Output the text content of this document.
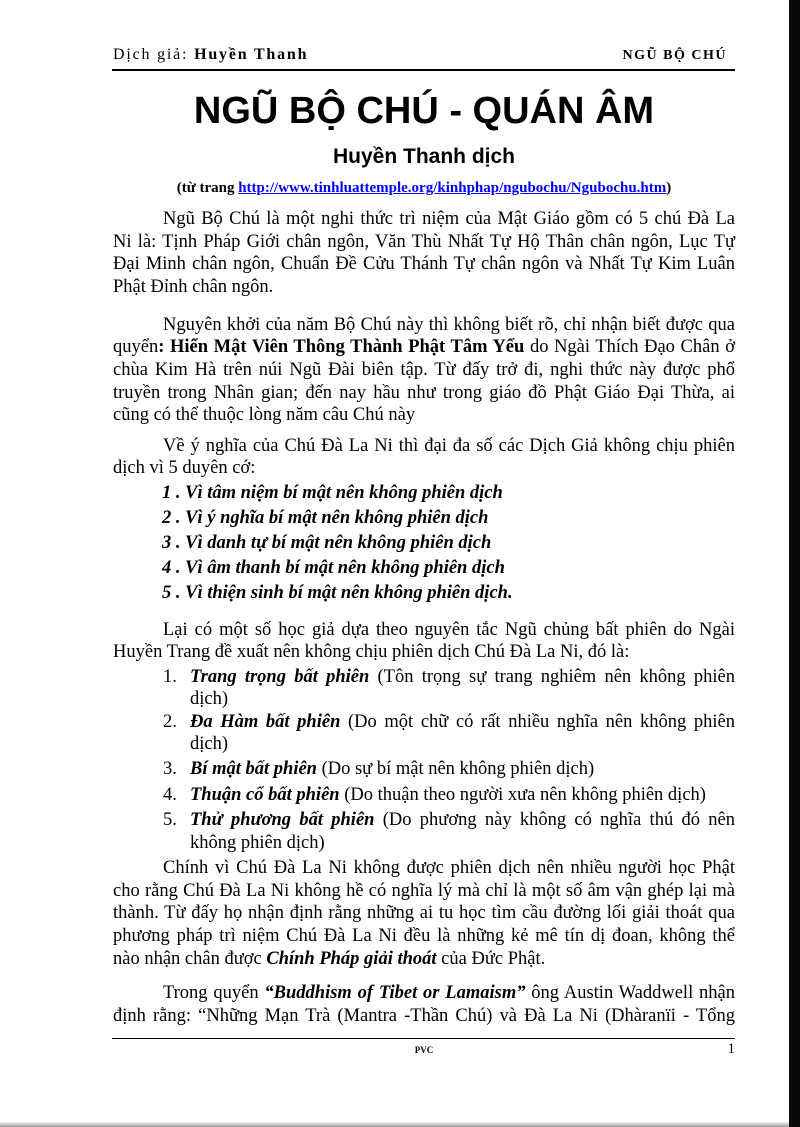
Dịch giả: Huyền Thanh	NGŨ BỘ CHÚ
NGŨ BỘ CHÚ - QUÁN ÂM
Huyền Thanh dịch
(từ trang http://www.tinhluattemple.org/kinhphap/ngubochu/Ngubochu.htm)
Ngũ Bộ Chú là một nghi thức trì niệm của Mật Giáo gồm có 5 chú Đà La
Ni là: Tịnh Pháp Giới chân ngôn, Văn Thù Nhất Tự Hộ Thân chân ngôn, Lục Tự
Đại Minh chân ngôn, Chuẩn Đề Cửu Thánh Tự chân ngôn và Nhất Tự Kim Luân
Phật Đỉnh chân ngôn.
Nguyên khởi của năm Bộ Chú này thì không biết rõ, chỉ nhận biết được qua
quyển: Hiển Mật Viên Thông Thành Phật Tâm Yếu do Ngài Thích Đạo Chân ở
chùa Kim Hà trên núi Ngũ Đài biên tập. Từ đấy trở đi, nghi thức này được phổ
truyền trong Nhân gian; đến nay hầu như trong giáo đồ Phật Giáo Đại Thừa, ai
cũng có thể thuộc lòng năm câu Chú này
Về ý nghĩa của Chú Đà La Ni thì đại đa số các Dịch Giả không chịu phiên
dịch vì 5 duyên cớ:
1 . Vì tâm niệm bí mật nên không phiên dịch
2 . Vì ý nghĩa bí mật nên không phiên dịch
3 . Vì danh tự bí mật nên không phiên dịch
4 . Vì âm thanh bí mật nên không phiên dịch
5 . Vì thiện sinh bí mật nên không phiên dịch.
Lại có một số học giả dựa theo nguyên tắc Ngũ chủng bất phiên do Ngài
Huyền Trang đề xuất nên không chịu phiên dịch Chú Đà La Ni, đó là:
1. Trang trọng bất phiên (Tôn trọng sự trang nghiêm nên không phiên
dịch)
2. Đa Hàm bất phiên (Do một chữ có rất nhiều nghĩa nên không phiên
dịch)
3. Bí mật bất phiên (Do sự bí mật nên không phiên dịch)
4. Thuận cổ bất phiên (Do thuận theo người xưa nên không phiên dịch)
5. Thử phương bất phiên (Do phương này không có nghĩa thú đó nên
không phiên dịch)
Chính vì Chú Đà La Ni không được phiên dịch nên nhiều người học Phật
cho rằng Chú Đà La Ni không hề có nghĩa lý mà chỉ là một số âm vận ghép lại mà
thành. Từ đấy họ nhận định rằng những ai tu học tìm cầu đường lối giải thoát qua
phương pháp trì niệm Chú Đà La Ni đều là những kẻ mê tín dị đoan, không thể
nào nhận chân được Chính Pháp giải thoát của Đức Phật.
Trong quyển “Buddhism of Tibet or Lamaism” ông Austin Waddwell nhận
định rằng: “Những Mạn Trà (Mantra -Thần Chú) và Đà La Ni (Dhàranïi - Tổng
PVC	1
